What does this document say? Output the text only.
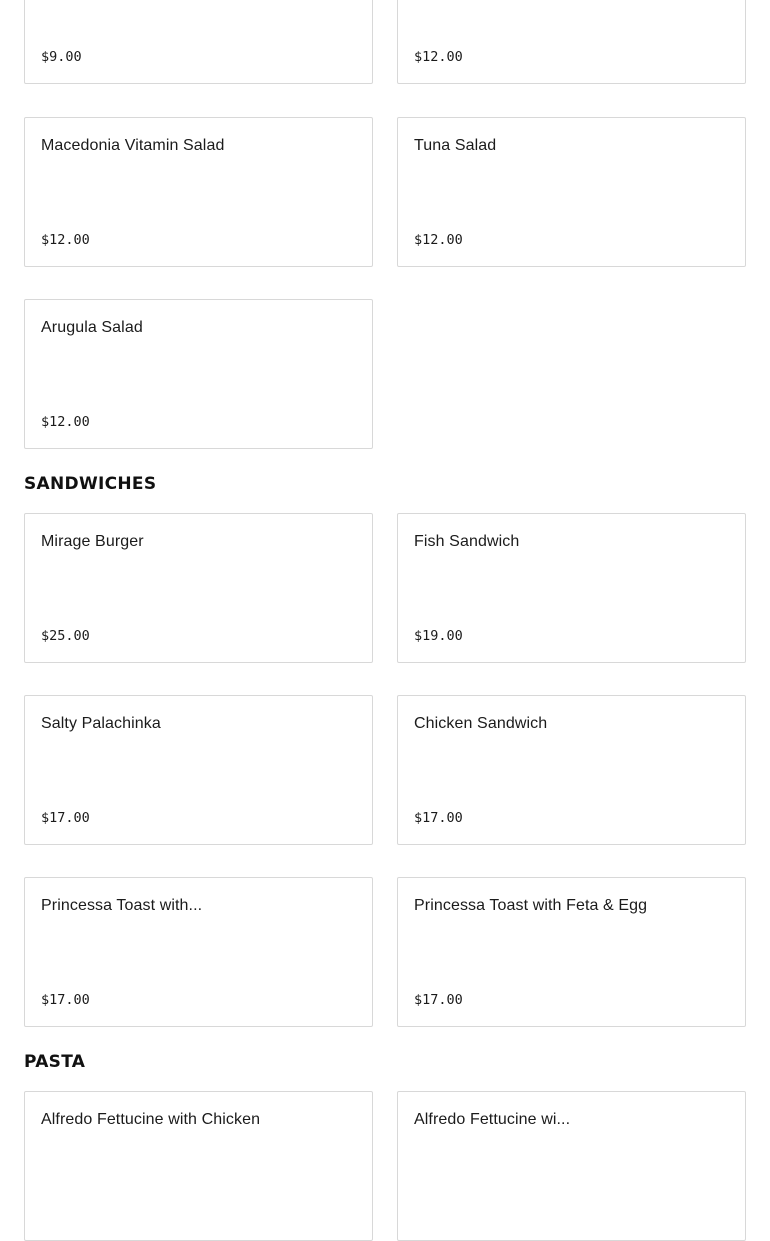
$9.00	$12.00
Macedonia Vitamin Salad
$12.00
Tuna Salad
$12.00
Arugula Salad
$12.00
SANDWICHES
Mirage Burger
$25.00
Fish Sandwich
$19.00
Salty Palachinka
$17.00
Chicken Sandwich
$17.00
Princessa Toast with...
$17.00
Princessa Toast with Feta & Egg
$17.00
PASTA
Alfredo Fettucine with Chicken	Alfredo Fettucine wi...
